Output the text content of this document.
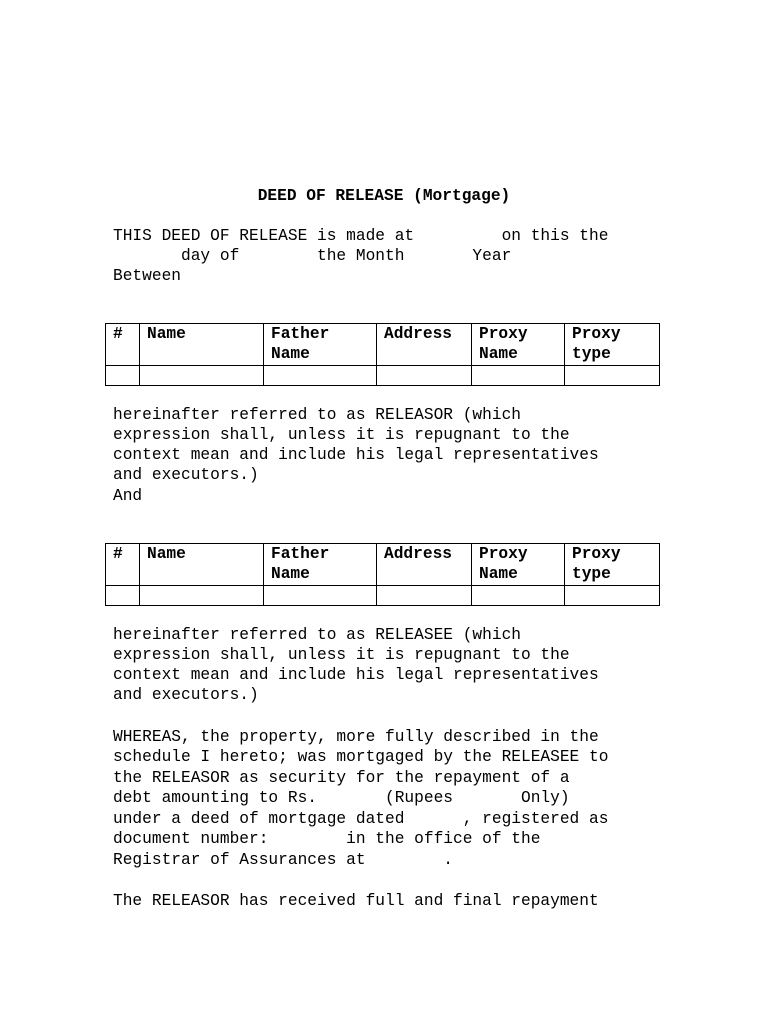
DEED OF RELEASE (Mortgage)
THIS DEED OF RELEASE is made at         on this the
day of        the Month       Year
Between
#	Name	Father Name	Address	Proxy Name	Proxy type

hereinafter referred to as RELEASOR (which
expression shall, unless it is repugnant to the
context mean and include his legal representatives
and executors.)
And
#	Name	Father Name	Address	Proxy Name	Proxy type

hereinafter referred to as RELEASEE (which
expression shall, unless it is repugnant to the
context mean and include his legal representatives
and executors.)
WHEREAS, the property, more fully described in the
schedule I hereto; was mortgaged by the RELEASEE to
the RELEASOR as security for the repayment of a
debt amounting to Rs.       (Rupees       Only)
under a deed of mortgage dated      , registered as
document number:        in the office of the
Registrar of Assurances at        .
The RELEASOR has received full and final repayment
